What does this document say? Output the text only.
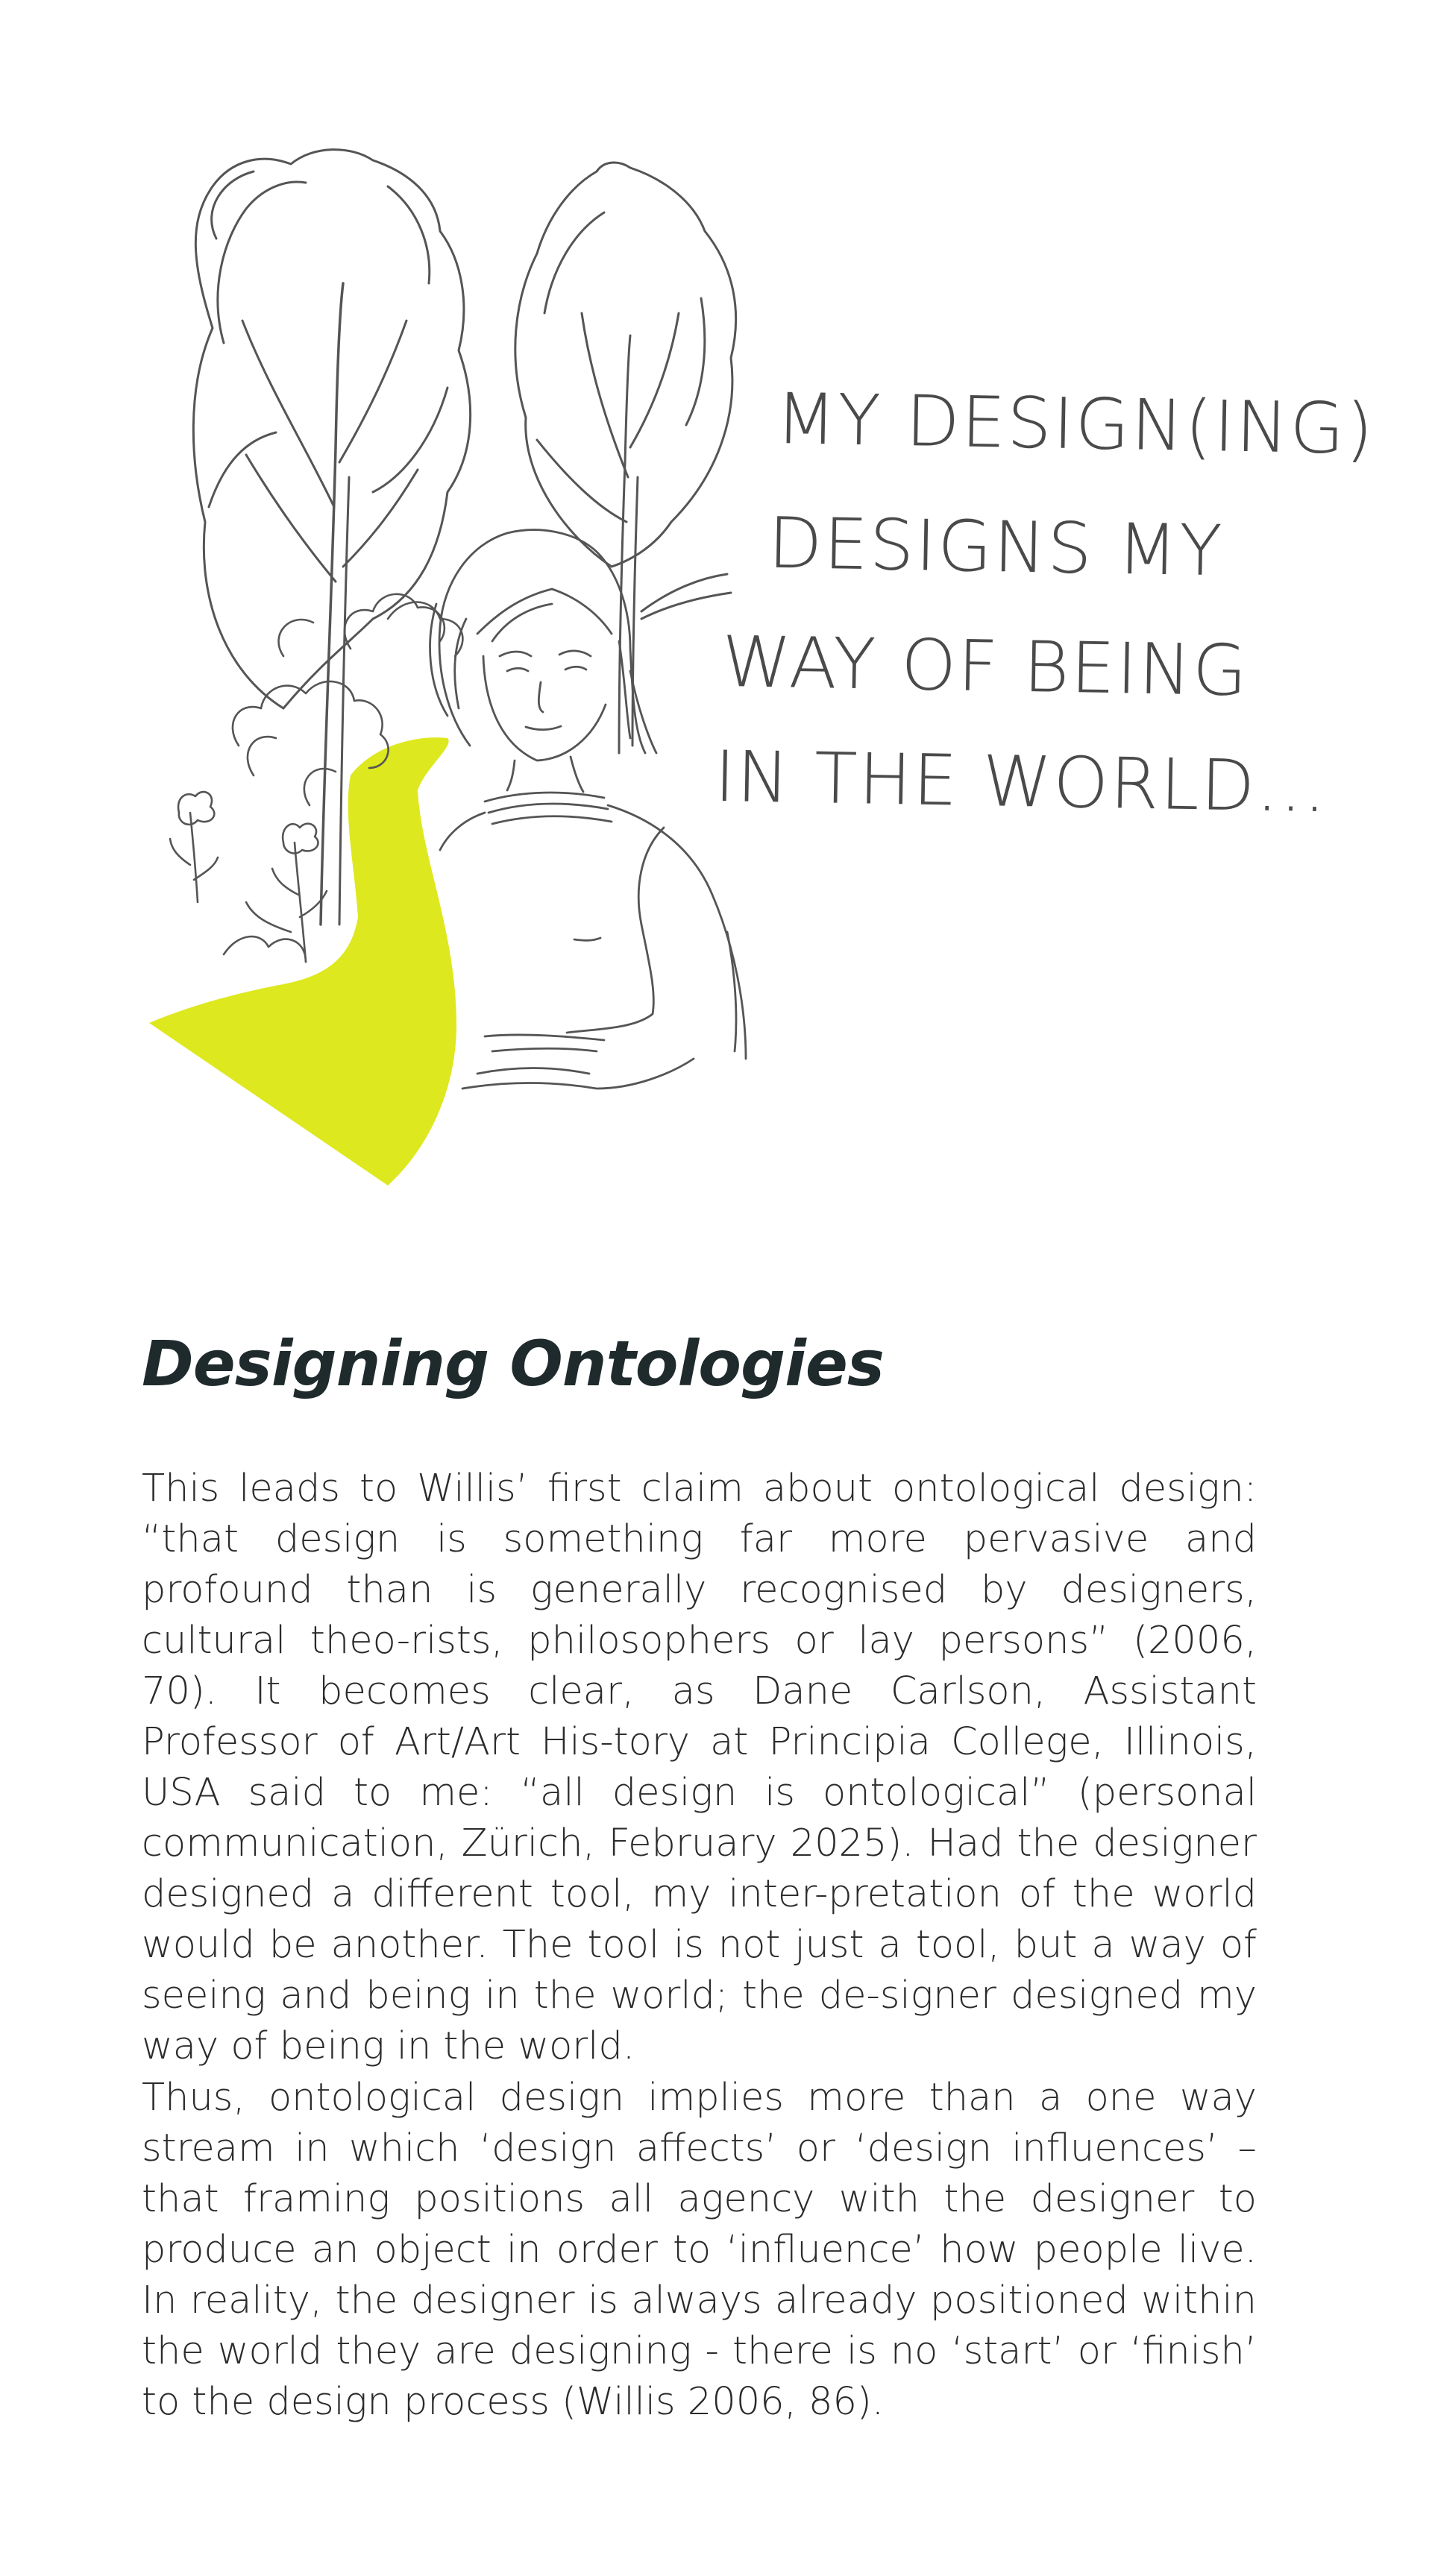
MY DESIGN(ING)
DESIGNS MY
WAY OF BEING
IN THE WORLD...
Designing Ontologies

This leads to Willis’ first claim about ontological design: “that design is something far more pervasive and profound than is generally recognised by designers, cultural theo-rists, philosophers or lay persons” (2006, 70). It becomes clear, as Dane Carlson, Assistant Professor of Art/Art His-tory at Principia College, Illinois, USA said to me: “all design is ontological” (personal communication, Zürich, February 2025). Had the designer designed a different tool, my inter-pretation of the world would be another. The tool is not just a tool, but a way of seeing and being in the world; the de-signer designed my way of being in the world.

Thus, ontological design implies more than a one way stream in which ‘design affects’ or ‘design influences’ – that framing positions all agency with the designer to produce an object in order to ‘influence’ how people live. In reality, the designer is always already positioned within the world they are designing - there is no ‘start’ or ‘finish’ to the design process (Willis 2006, 86).
